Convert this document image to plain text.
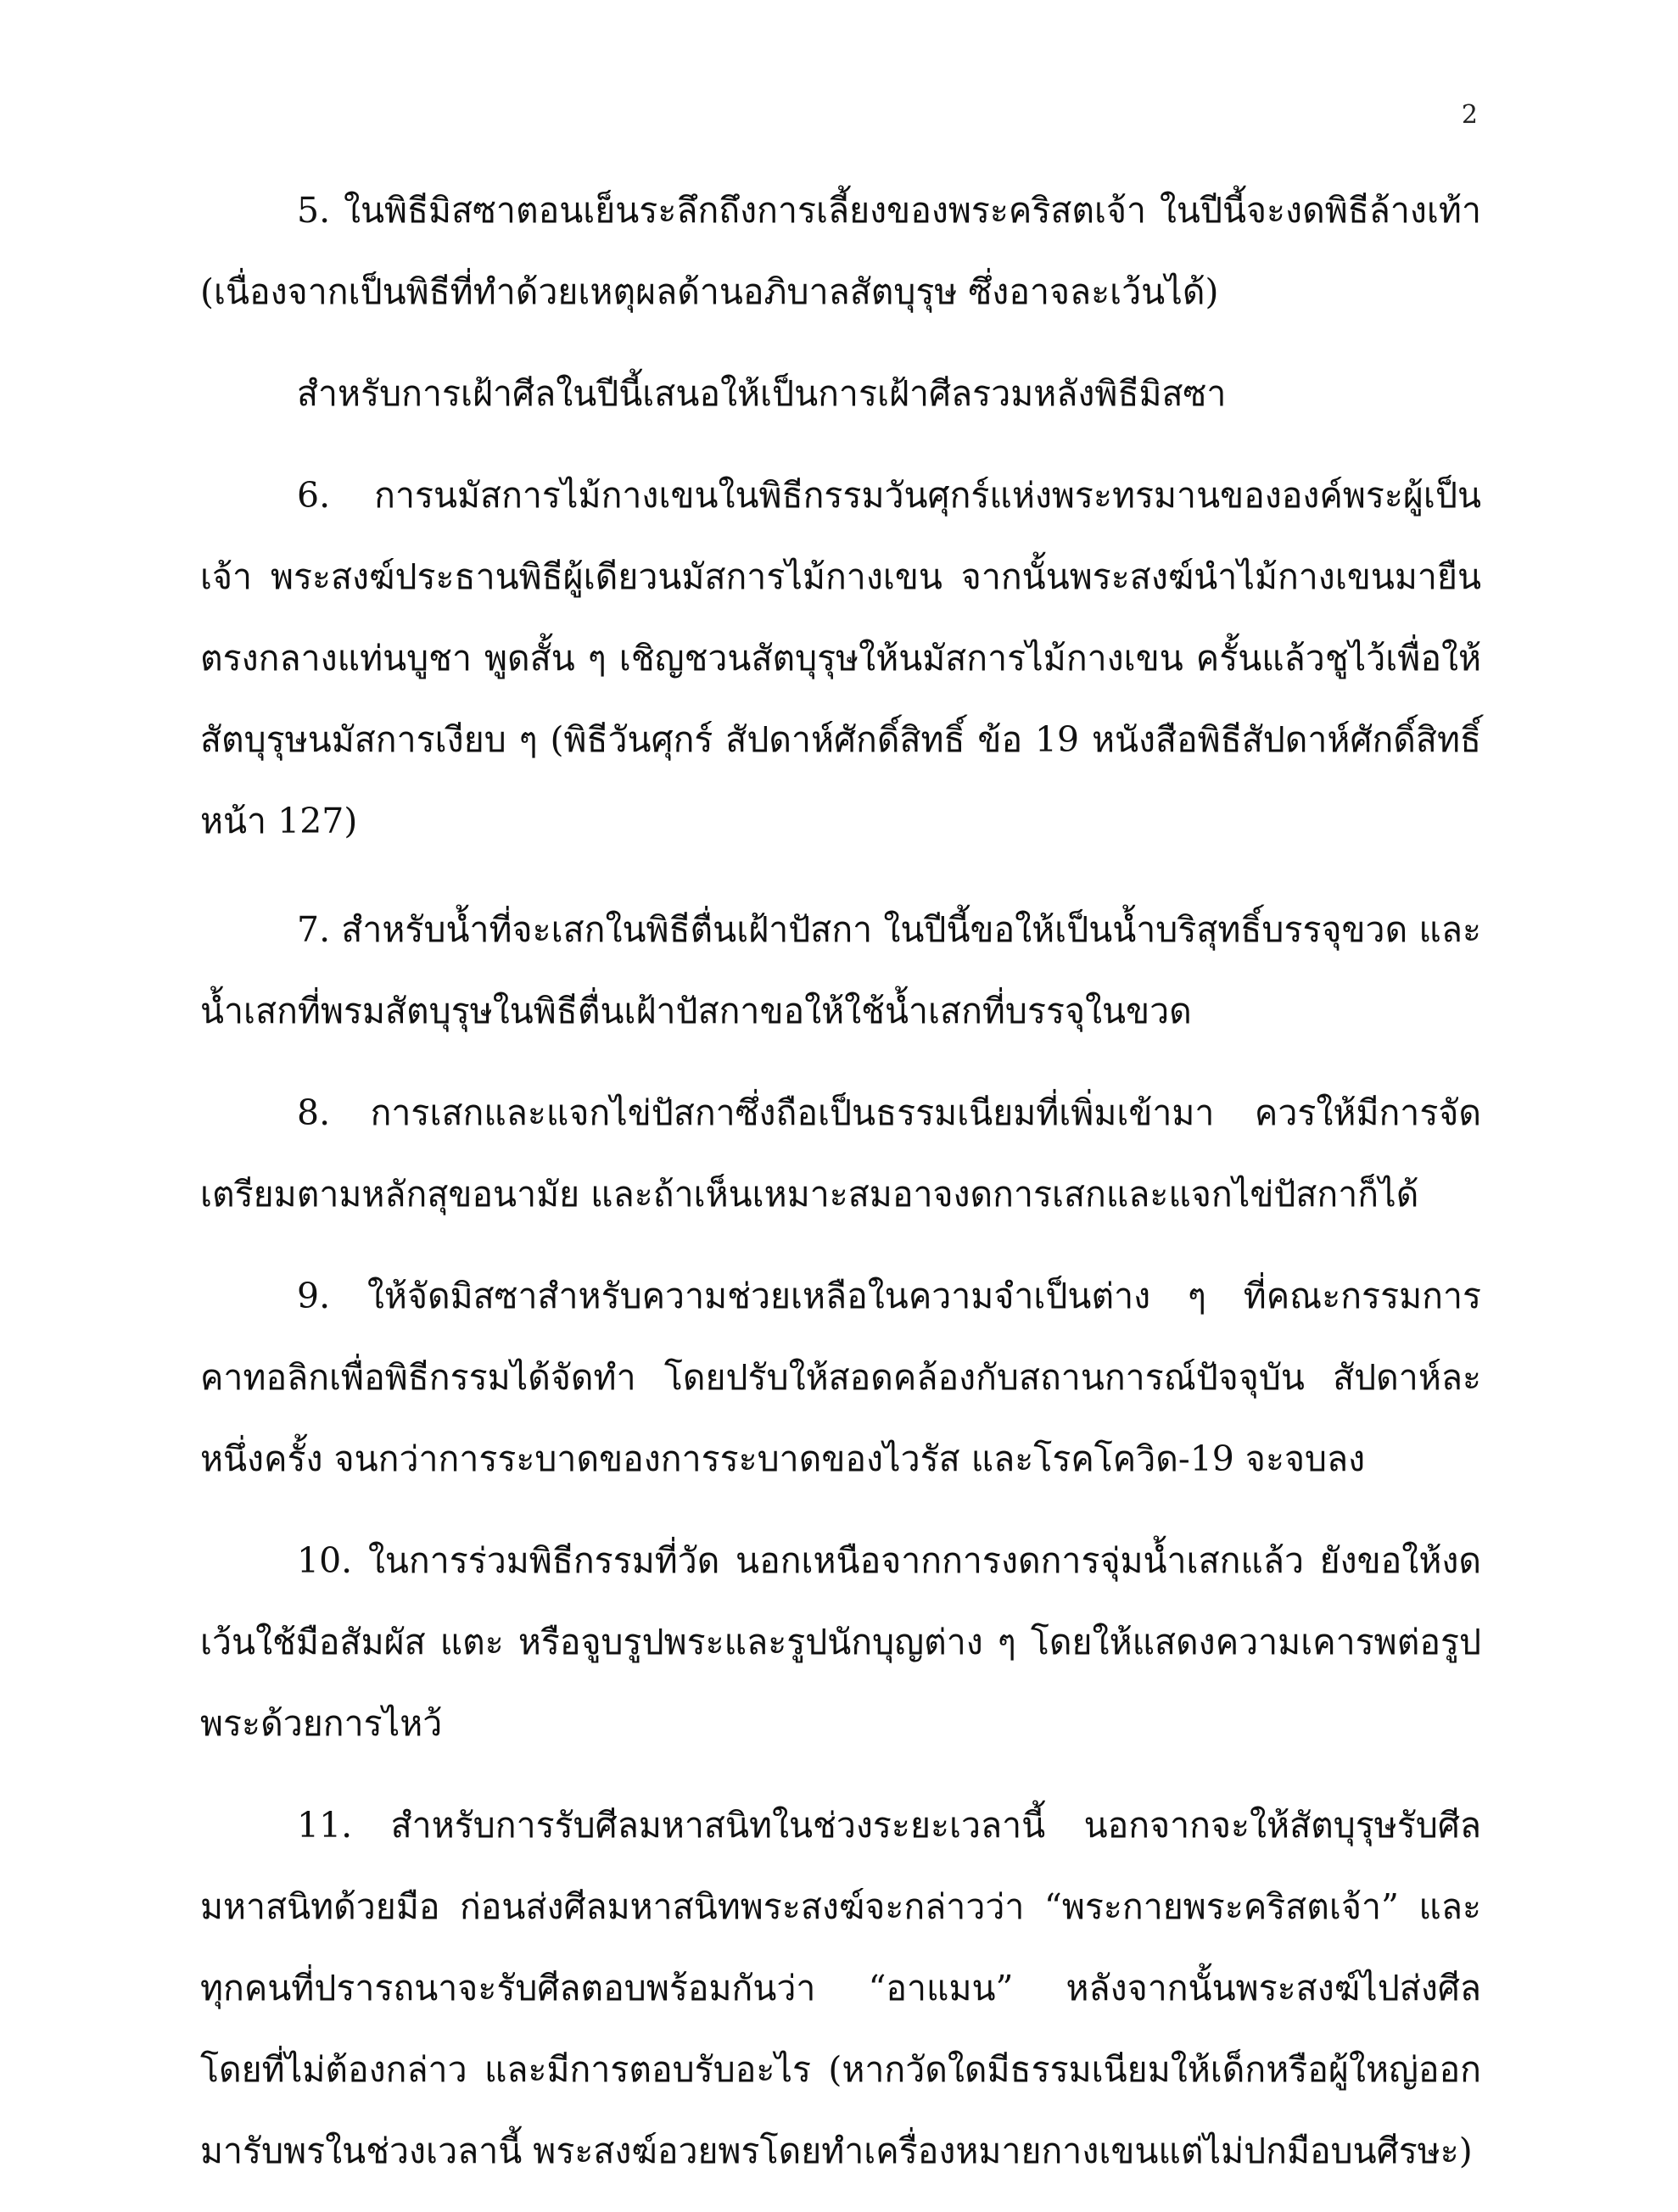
2

5. ในพิธีมิสซาตอนเย็นระลึกถึงการเลี้ยงของพระคริสตเจ้า ในปีนี้จะงดพิธีล้างเท้า (เนื่องจากเป็นพิธีที่ทำด้วยเหตุผลด้านอภิบาลสัตบุรุษ ซึ่งอาจละเว้นได้)

สำหรับการเฝ้าศีลในปีนี้เสนอให้เป็นการเฝ้าศีลรวมหลังพิธีมิสซา

6. การนมัสการไม้กางเขนในพิธีกรรมวันศุกร์แห่งพระทรมานขององค์พระผู้เป็นเจ้า พระสงฆ์ประธานพิธีผู้เดียวนมัสการไม้กางเขน จากนั้นพระสงฆ์นำไม้กางเขนมายืนตรงกลางแท่นบูชา พูดสั้น ๆ เชิญชวนสัตบุรุษให้นมัสการไม้กางเขน ครั้นแล้วชูไว้เพื่อให้สัตบุรุษนมัสการเงียบ ๆ (พิธีวันศุกร์ สัปดาห์ศักดิ์สิทธิ์ ข้อ 19 หนังสือพิธีสัปดาห์ศักดิ์สิทธิ์ หน้า 127)

7. สำหรับน้ำที่จะเสกในพิธีตื่นเฝ้าปัสกา ในปีนี้ขอให้เป็นน้ำบริสุทธิ์บรรจุขวด และน้ำเสกที่พรมสัตบุรุษในพิธีตื่นเฝ้าปัสกาขอให้ใช้น้ำเสกที่บรรจุในขวด

8. การเสกและแจกไข่ปัสกาซึ่งถือเป็นธรรมเนียมที่เพิ่มเข้ามา ควรให้มีการจัดเตรียมตามหลักสุขอนามัย และถ้าเห็นเหมาะสมอาจงดการเสกและแจกไข่ปัสกาก็ได้

9. ให้จัดมิสซาสำหรับความช่วยเหลือในความจำเป็นต่าง ๆ ที่คณะกรรมการคาทอลิกเพื่อพิธีกรรมได้จัดทำ โดยปรับให้สอดคล้องกับสถานการณ์ปัจจุบัน สัปดาห์ละหนึ่งครั้ง จนกว่าการระบาดของการระบาดของไวรัส และโรคโควิด-19 จะจบลง

10. ในการร่วมพิธีกรรมที่วัด นอกเหนือจากการงดการจุ่มน้ำเสกแล้ว ยังขอให้งดเว้นใช้มือสัมผัส แตะ หรือจูบรูปพระและรูปนักบุญต่าง ๆ โดยให้แสดงความเคารพต่อรูปพระด้วยการไหว้

11. สำหรับการรับศีลมหาสนิทในช่วงระยะเวลานี้ นอกจากจะให้สัตบุรุษรับศีลมหาสนิทด้วยมือ ก่อนส่งศีลมหาสนิทพระสงฆ์จะกล่าวว่า “พระกายพระคริสตเจ้า” และทุกคนที่ปรารถนาจะรับศีลตอบพร้อมกันว่า “อาแมน” หลังจากนั้นพระสงฆ์ไปส่งศีลโดยที่ไม่ต้องกล่าว และมีการตอบรับอะไร (หากวัดใดมีธรรมเนียมให้เด็กหรือผู้ใหญ่ออกมารับพรในช่วงเวลานี้ พระสงฆ์อวยพรโดยทำเครื่องหมายกางเขนแต่ไม่ปกมือบนศีรษะ)
